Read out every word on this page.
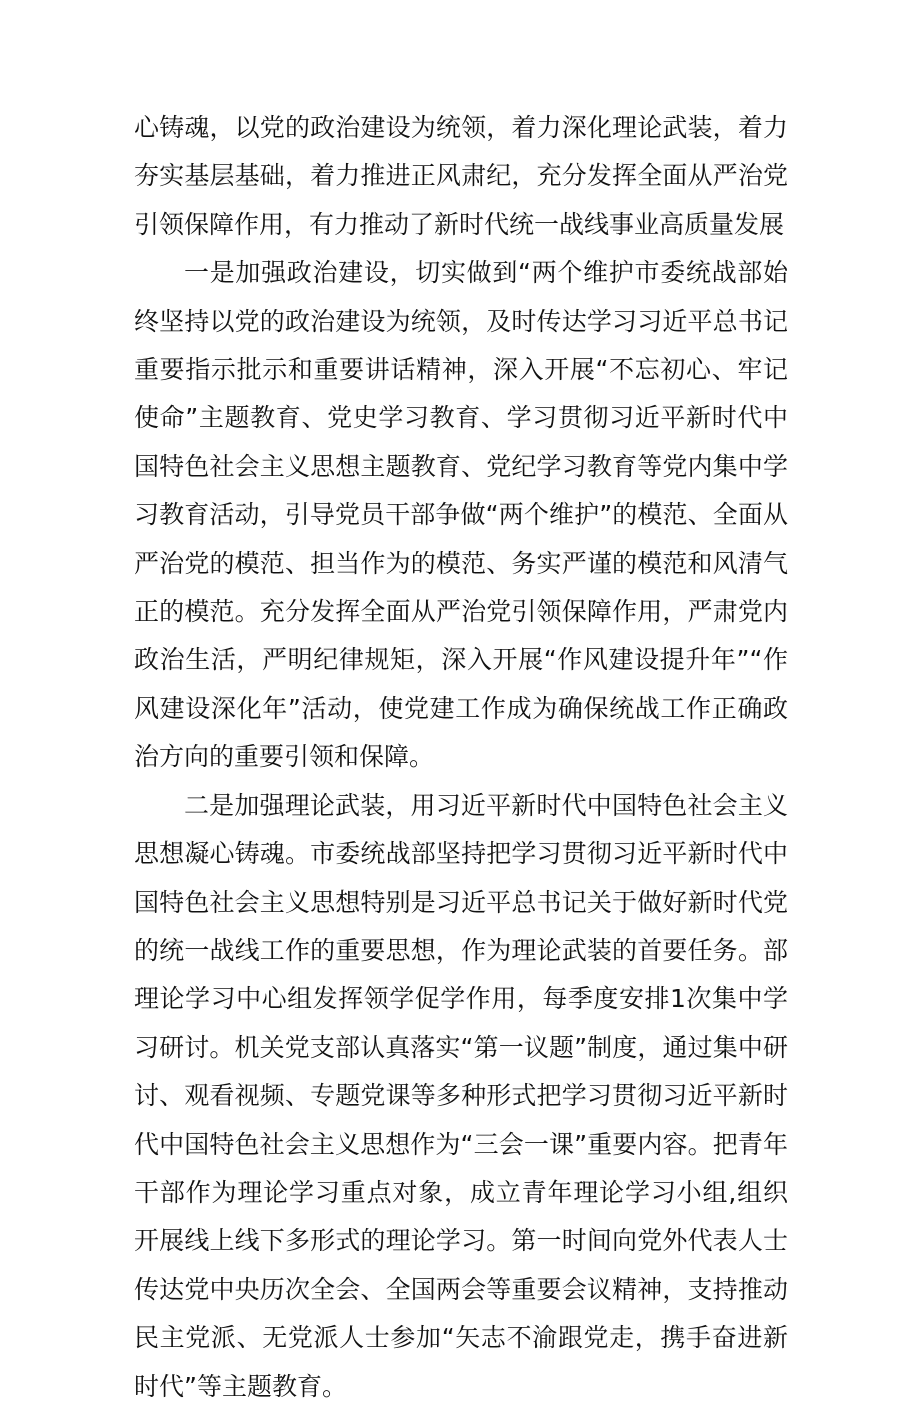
心铸魂，以党的政治建设为统领，着力深化理论武装，着力夯实基层基础，着力推进正风肃纪，充分发挥全面从严治党引领保障作用，有力推动了新时代统一战线事业高质量发展

一是加强政治建设，切实做到“两个维护市委统战部始终坚持以党的政治建设为统领，及时传达学习习近平总书记重要指示批示和重要讲话精神，深入开展“不忘初心、牢记使命”主题教育、党史学习教育、学习贯彻习近平新时代中国特色社会主义思想主题教育、党纪学习教育等党内集中学习教育活动，引导党员干部争做“两个维护”的模范、全面从严治党的模范、担当作为的模范、务实严谨的模范和风清气正的模范。充分发挥全面从严治党引领保障作用，严肃党内政治生活，严明纪律规矩，深入开展“作风建设提升年”“作风建设深化年”活动，使党建工作成为确保统战工作正确政治方向的重要引领和保障。

二是加强理论武装，用习近平新时代中国特色社会主义思想凝心铸魂。市委统战部坚持把学习贯彻习近平新时代中国特色社会主义思想特别是习近平总书记关于做好新时代党的统一战线工作的重要思想，作为理论武装的首要任务。部理论学习中心组发挥领学促学作用，每季度安排1次集中学习研讨。机关党支部认真落实“第一议题”制度，通过集中研讨、观看视频、专题党课等多种形式把学习贯彻习近平新时代中国特色社会主义思想作为“三会一课”重要内容。把青年干部作为理论学习重点对象，成立青年理论学习小组,组织开展线上线下多形式的理论学习。第一时间向党外代表人士传达党中央历次全会、全国两会等重要会议精神，支持推动民主党派、无党派人士参加“矢志不渝跟党走，携手奋进新时代”等主题教育。
